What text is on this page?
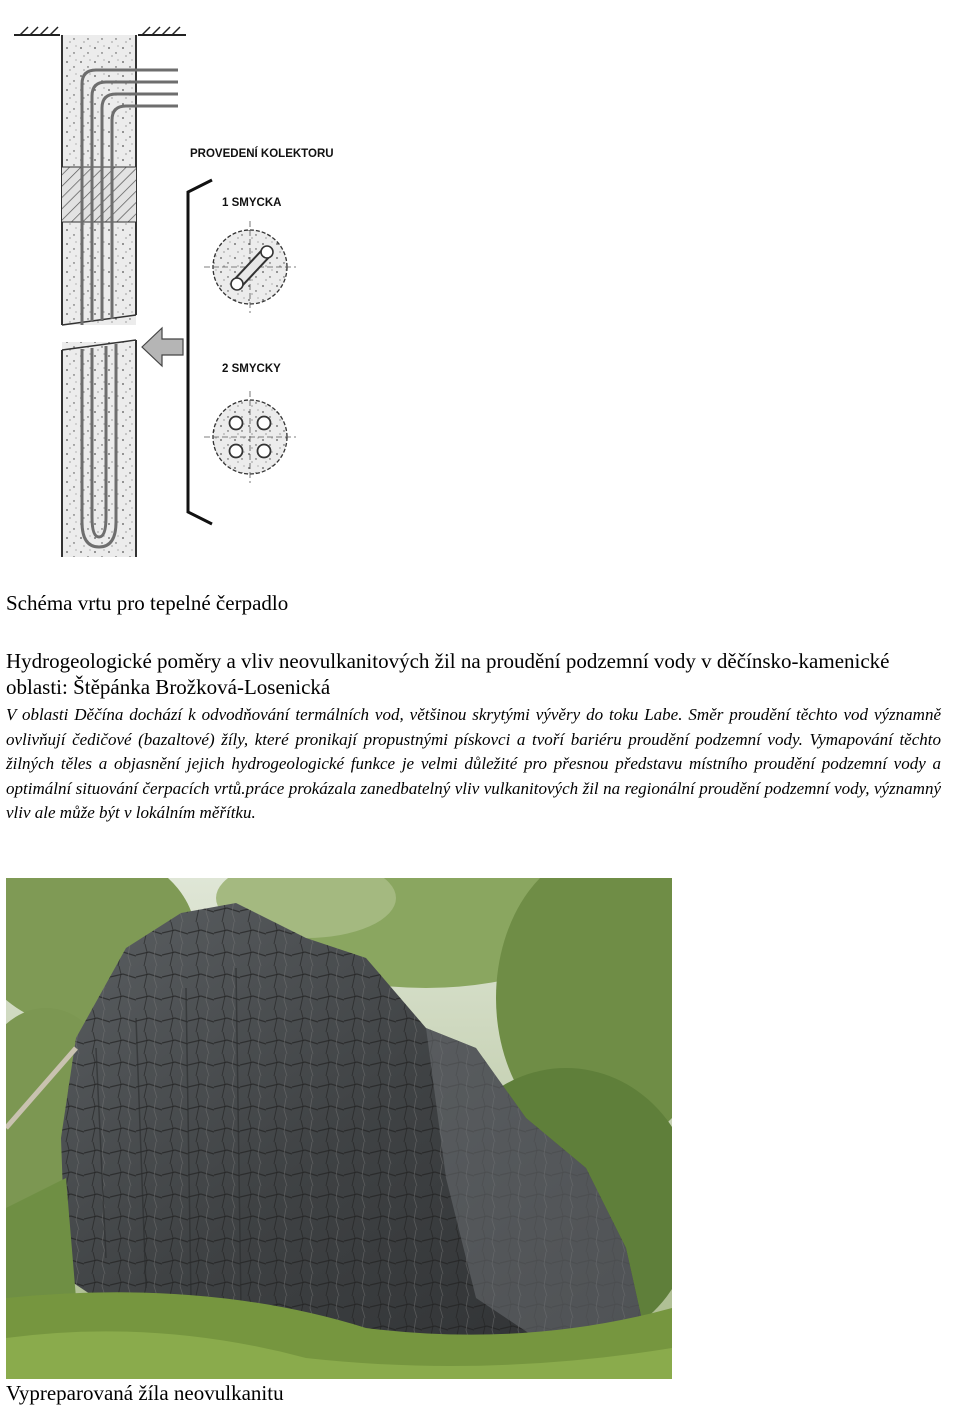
PROVEDENÍ KOLEKTORU
1 SMYCKA
2 SMYCKY
Schéma vrtu pro tepelné čerpadlo
Hydrogeologické poměry a vliv neovulkanitových žil na proudění podzemní vody v děčínsko-kamenické oblasti: Štěpánka Brožková-Losenická
V oblasti Děčína dochází k odvodňování termálních vod, většinou skrytými vývěry do toku Labe. Směr proudění těchto vod významně ovlivňují čedičové (bazaltové) žíly, které pronikají propustnými pískovci a tvoří bariéru proudění podzemní vody. Vymapování těchto žilných těles a objasnění jejich hydrogeologické funkce je velmi důležité pro přesnou představu místního proudění podzemní vody a optimální situování čerpacích vrtů.práce prokázala zanedbatelný vliv vulkanitových žil na regionální proudění podzemní vody, významný vliv ale může být v lokálním měřítku.
Vypreparovaná žíla neovulkanitu
